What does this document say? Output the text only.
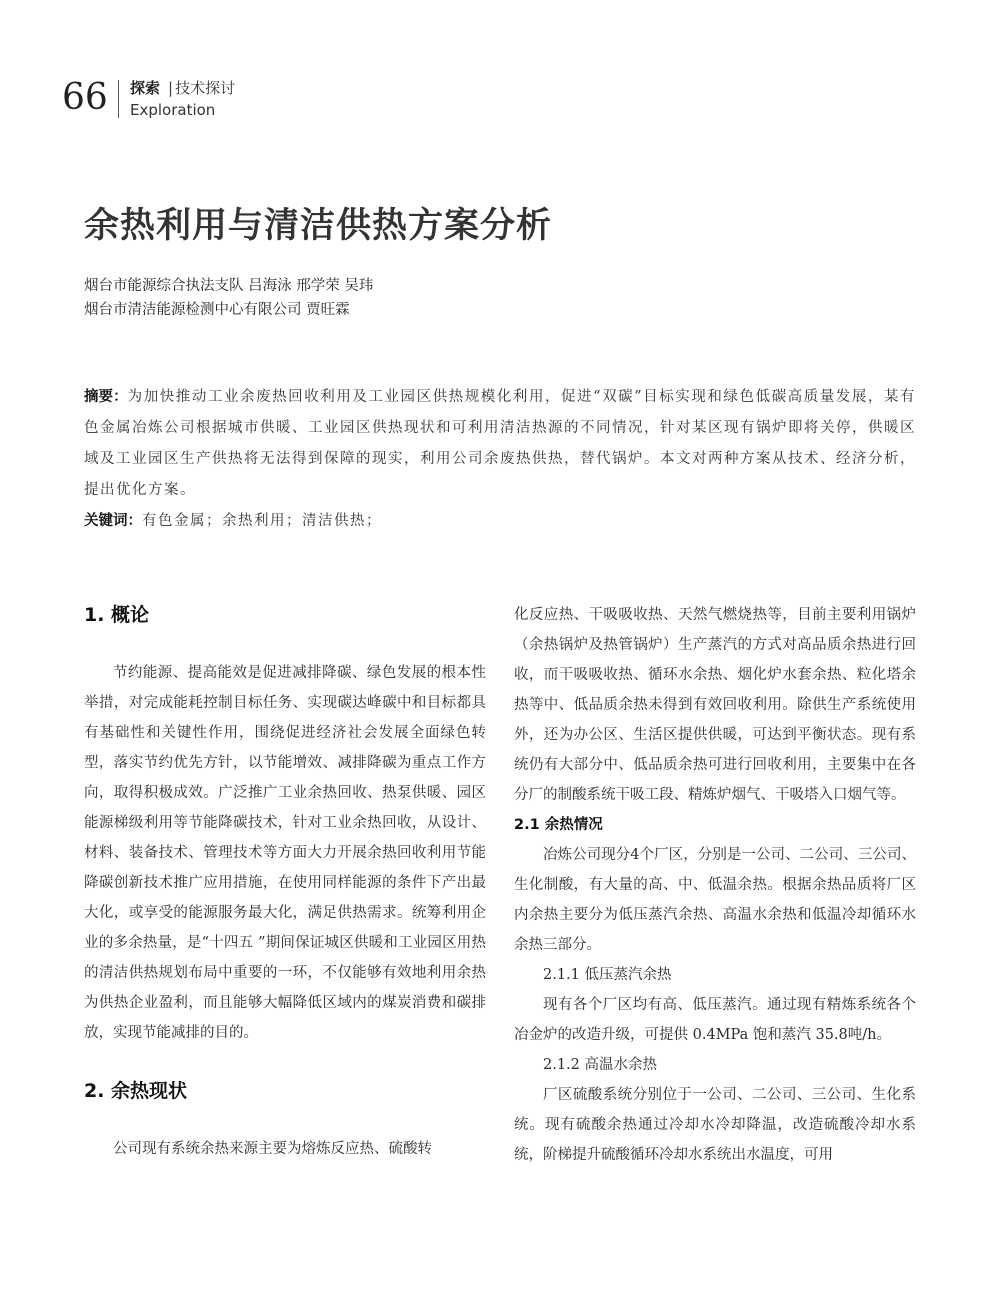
66 探索 | 技术探讨
Exploration
余热利用与清洁供热方案分析
烟台市能源综合执法支队 吕海泳 邢学荣 吴玮
烟台市清洁能源检测中心有限公司 贾旺霖

摘要：为加快推动工业余废热回收利用及工业园区供热规模化利用，促进“双碳”目标实现和绿色低碳高质量发展，某有色金属冶炼公司根据城市供暖、工业园区供热现状和可利用清洁热源的不同情况，针对某区现有锅炉即将关停，供暖区域及工业园区生产供热将无法得到保障的现实，利用公司余废热供热，替代锅炉。本文对两种方案从技术、经济分析，提出优化方案。

关键词：有色金属；余热利用；清洁供热；

1. 概论

节约能源、提高能效是促进减排降碳、绿色发展的根本性举措，对完成能耗控制目标任务、实现碳达峰碳中和目标都具有基础性和关键性作用，围绕促进经济社会发展全面绿色转型，落实节约优先方针，以节能增效、减排降碳为重点工作方向，取得积极成效。广泛推广工业余热回收、热泵供暖、园区能源梯级利用等节能降碳技术，针对工业余热回收，从设计、材料、装备技术、管理技术等方面大力开展余热回收利用节能降碳创新技术推广应用措施，在使用同样能源的条件下产出最大化，或享受的能源服务最大化，满足供热需求。统筹利用企业的多余热量，是“十四五 ”期间保证城区供暖和工业园区用热的清洁供热规划布局中重要的一环，不仅能够有效地利用余热为供热企业盈利，而且能够大幅降低区域内的煤炭消费和碳排放，实现节能减排的目的。

2. 余热现状

公司现有系统余热来源主要为熔炼反应热、硫酸转

化反应热、干吸吸收热、天然气燃烧热等，目前主要利用锅炉（余热锅炉及热管锅炉）生产蒸汽的方式对高品质余热进行回收，而干吸吸收热、循环水余热、烟化炉水套余热、粒化塔余热等中、低品质余热未得到有效回收利用。除供生产系统使用外，还为办公区、生活区提供供暖，可达到平衡状态。现有系统仍有大部分中、低品质余热可进行回收利用，主要集中在各分厂的制酸系统干吸工段、精炼炉烟气、干吸塔入口烟气等。

2.1 余热情况

冶炼公司现分4个厂区，分别是一公司、二公司、三公司、生化制酸，有大量的高、中、低温余热。根据余热品质将厂区内余热主要分为低压蒸汽余热、高温水余热和低温冷却循环水余热三部分。

2.1.1 低压蒸汽余热

现有各个厂区均有高、低压蒸汽。通过现有精炼系统各个冶金炉的改造升级，可提供 0.4MPa 饱和蒸汽 35.8吨/h。

2.1.2 高温水余热

厂区硫酸系统分别位于一公司、二公司、三公司、生化系统。现有硫酸余热通过冷却水冷却降温，改造硫酸冷却水系统，阶梯提升硫酸循环冷却水系统出水温度，可用
